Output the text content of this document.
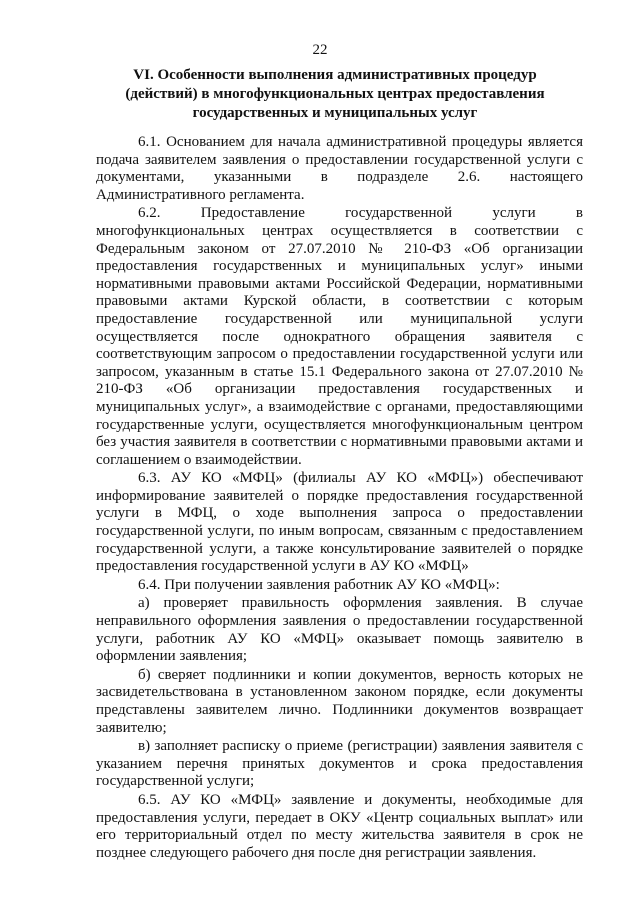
22
VI. Особенности выполнения административных процедур
(действий) в многофункциональных центрах предоставления
государственных и муниципальных услуг

6.1. Основанием для начала административной процедуры является подача заявителем заявления о предоставлении государственной услуги с документами, указанными в подразделе 2.6. настоящего Административного регламента.

6.2. Предоставление государственной услуги в многофункциональных центрах осуществляется в соответствии с Федеральным законом от 27.07.2010 № 210-ФЗ «Об организации предоставления государственных и муниципальных услуг» иными нормативными правовыми актами Российской Федерации, нормативными правовыми актами Курской области, в соответствии с которым предоставление государственной или муниципальной услуги осуществляется после однократного обращения заявителя с соответствующим запросом о предоставлении государственной услуги или запросом, указанным в статье 15.1 Федерального закона от 27.07.2010 № 210-ФЗ «Об организации предоставления государственных и муниципальных услуг», а взаимодействие с органами, предоставляющими государственные услуги, осуществляется многофункциональным центром без участия заявителя в соответствии с нормативными правовыми актами и соглашением о взаимодействии.

6.3. АУ КО «МФЦ» (филиалы АУ КО «МФЦ») обеспечивают информирование заявителей о порядке предоставления государственной услуги в МФЦ, о ходе выполнения запроса о предоставлении государственной услуги, по иным вопросам, связанным с предоставлением государственной услуги, а также консультирование заявителей о порядке предоставления государственной услуги в АУ КО «МФЦ»

6.4. При получении заявления работник АУ КО «МФЦ»:

а) проверяет правильность оформления заявления. В случае неправильного оформления заявления о предоставлении государственной услуги, работник АУ КО «МФЦ» оказывает помощь заявителю в оформлении заявления;

б) сверяет подлинники и копии документов, верность которых не засвидетельствована в установленном законом порядке, если документы представлены заявителем лично. Подлинники документов возвращает заявителю;

в) заполняет расписку о приеме (регистрации) заявления заявителя с указанием перечня принятых документов и срока предоставления государственной услуги;

6.5. АУ КО «МФЦ» заявление и документы, необходимые для предоставления услуги, передает в ОКУ «Центр социальных выплат» или его территориальный отдел по месту жительства заявителя в срок не позднее следующего рабочего дня после дня регистрации заявления.
